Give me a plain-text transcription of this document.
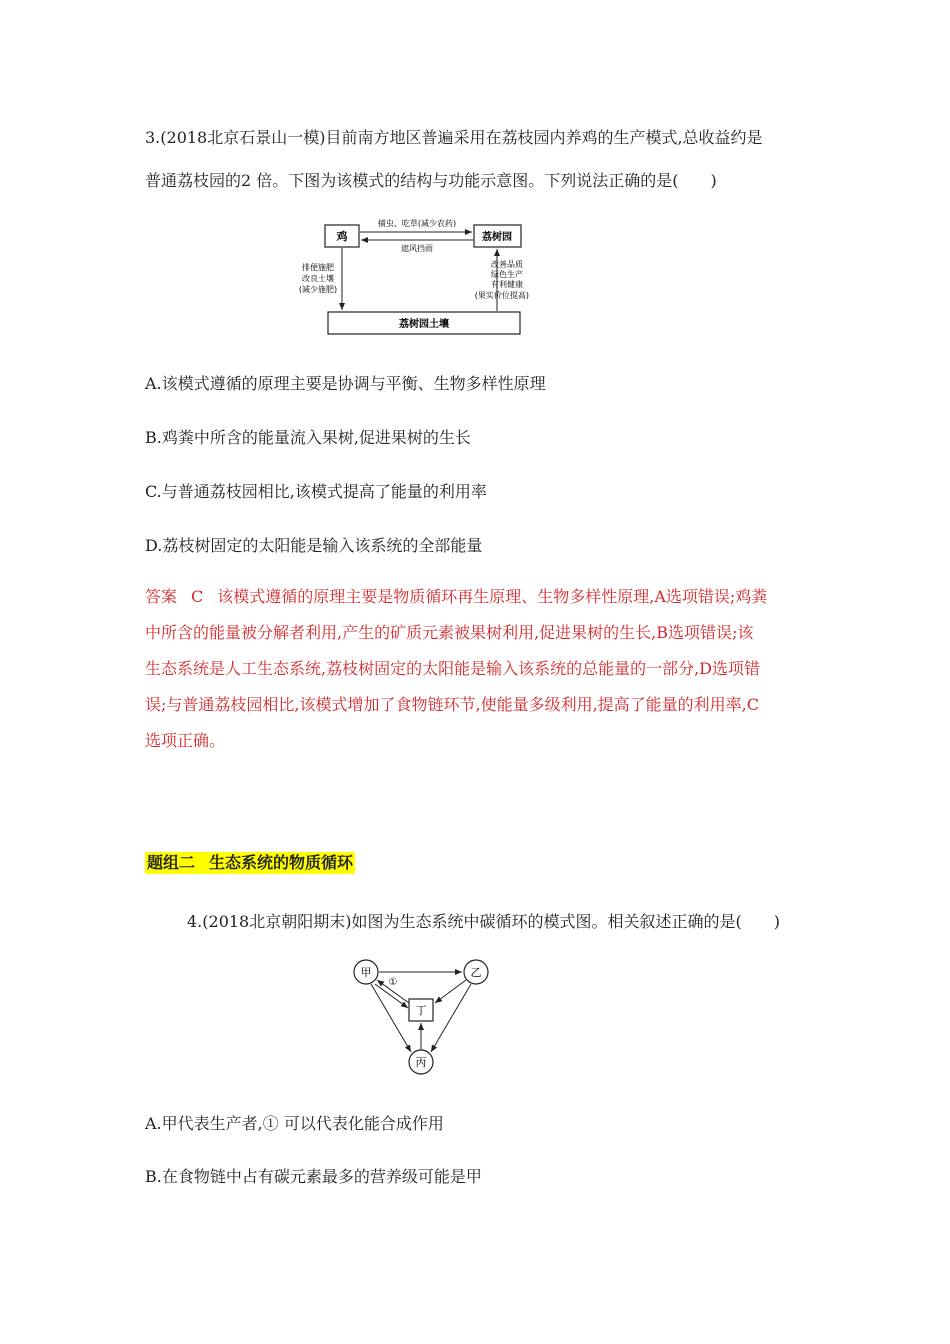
3.(2018北京石景山一模)目前南方地区普遍采用在荔枝园内养鸡的生产模式,总收益约是
普通荔枝园的2 倍。下图为该模式的结构与功能示意图。下列说法正确的是(　　)
鸡	荔树园
荔树园土壤
捕虫、吃草(减少农药)
遮风挡雨
排便施肥
改良土壤
(减少施肥)
改善品质
绿色生产
有利健康
(果实价位提高)
A.该模式遵循的原理主要是协调与平衡、生物多样性原理
B.鸡粪中所含的能量流入果树,促进果树的生长
C.与普通荔枝园相比,该模式提高了能量的利用率
D.荔枝树固定的太阳能是输入该系统的全部能量
答案 C 该模式遵循的原理主要是物质循环再生原理、生物多样性原理,A选项错误;鸡粪
中所含的能量被分解者利用,产生的矿质元素被果树利用,促进果树的生长,B选项错误;该
生态系统是人工生态系统,荔枝树固定的太阳能是输入该系统的总能量的一部分,D选项错
误;与普通荔枝园相比,该模式增加了食物链环节,使能量多级利用,提高了能量的利用率,C
选项正确。
题组二 生态系统的物质循环
4.(2018北京朝阳期末)如图为生态系统中碳循环的模式图。相关叙述正确的是(　　)
甲	乙
丁
丙
①
A.甲代表生产者,① 可以代表化能合成作用
B.在食物链中占有碳元素最多的营养级可能是甲
